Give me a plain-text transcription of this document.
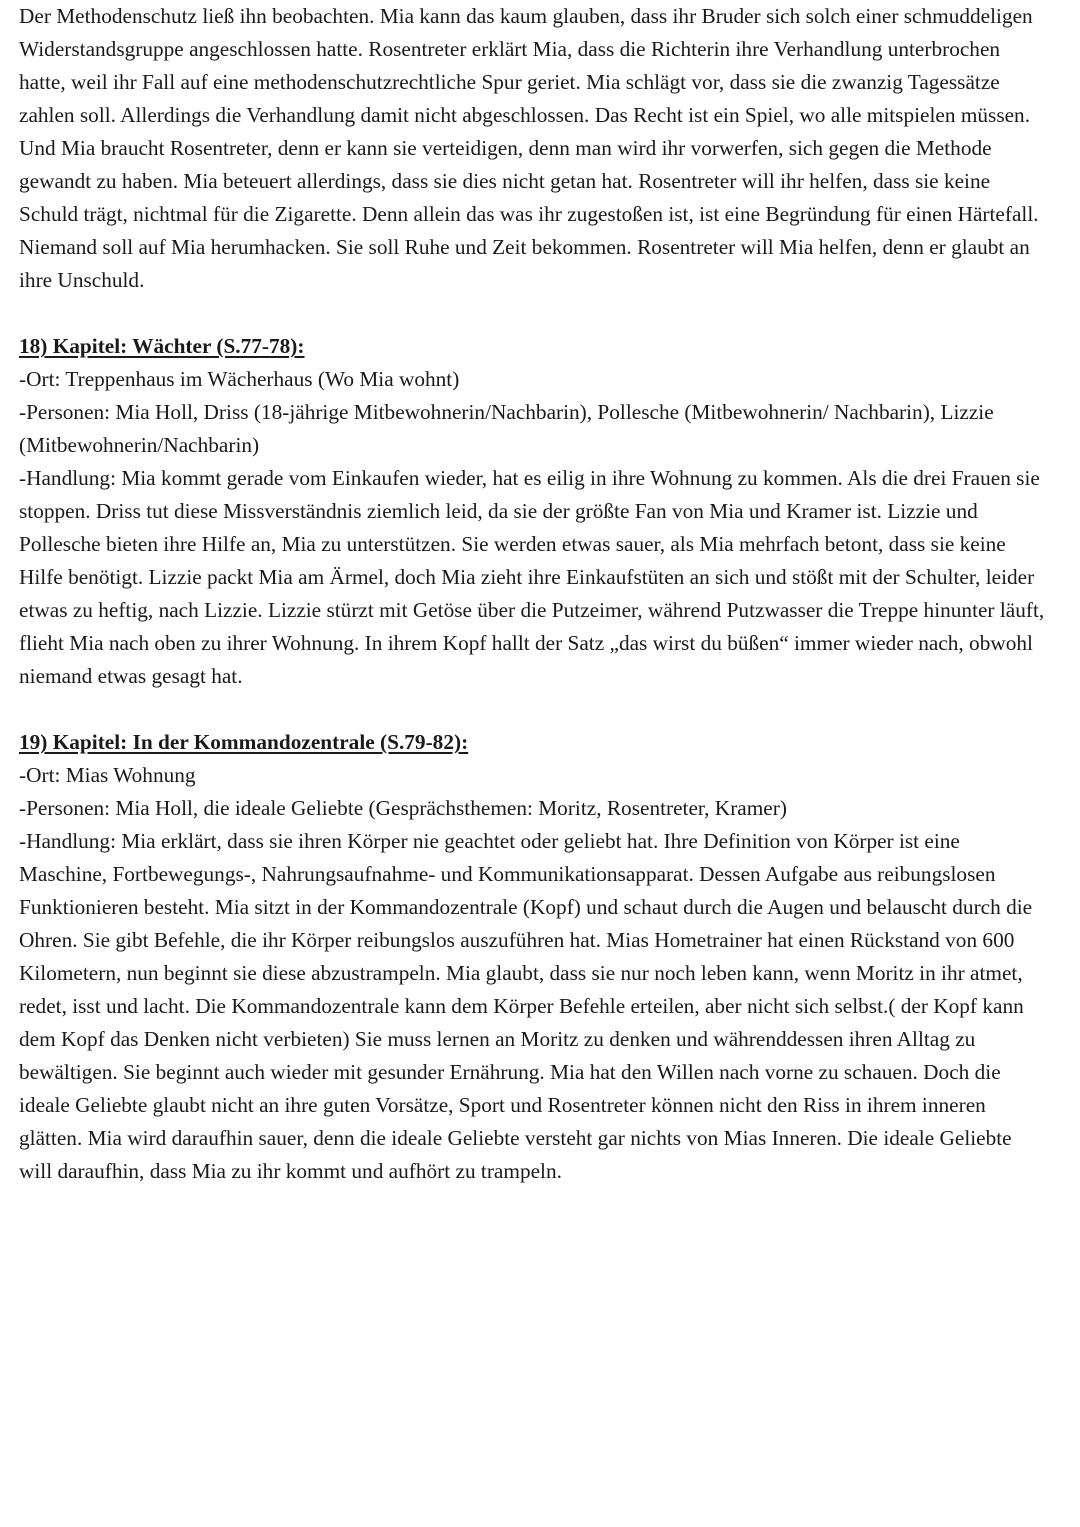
Der Methodenschutz ließ ihn beobachten. Mia kann das kaum glauben, dass ihr Bruder sich solch einer schmuddeligen Widerstandsgruppe angeschlossen hatte. Rosentreter erklärt Mia, dass die Richterin ihre Verhandlung unterbrochen hatte, weil ihr Fall auf eine methodenschutzrechtliche Spur geriet. Mia schlägt vor, dass sie die zwanzig Tagessätze zahlen soll. Allerdings die Verhandlung damit nicht abgeschlossen. Das Recht ist ein Spiel, wo alle mitspielen müssen. Und Mia braucht Rosentreter, denn er kann sie verteidigen, denn man wird ihr vorwerfen, sich gegen die Methode gewandt zu haben. Mia beteuert allerdings, dass sie dies nicht getan hat. Rosentreter will ihr helfen, dass sie keine Schuld trägt, nichtmal für die Zigarette. Denn allein das was ihr zugestoßen ist, ist eine Begründung für einen Härtefall. Niemand soll auf Mia herumhacken. Sie soll Ruhe und Zeit bekommen. Rosentreter will Mia helfen, denn er glaubt an ihre Unschuld.

18) Kapitel: Wächter (S.77-78):

-Ort: Treppenhaus im Wächerhaus (Wo Mia wohnt)

-Personen: Mia Holl, Driss (18-jährige Mitbewohnerin/Nachbarin), Pollesche (Mitbewohnerin/ Nachbarin), Lizzie (Mitbewohnerin/Nachbarin)

-Handlung: Mia kommt gerade vom Einkaufen wieder, hat es eilig in ihre Wohnung zu kommen. Als die drei Frauen sie stoppen. Driss tut diese Missverständnis ziemlich leid, da sie der größte Fan von Mia und Kramer ist. Lizzie und Pollesche bieten ihre Hilfe an, Mia zu unterstützen. Sie werden etwas sauer, als Mia mehrfach betont, dass sie keine Hilfe benötigt. Lizzie packt Mia am Ärmel, doch Mia zieht ihre Einkaufstüten an sich und stößt mit der Schulter, leider etwas zu heftig, nach Lizzie. Lizzie stürzt mit Getöse über die Putzeimer, während Putzwasser die Treppe hinunter läuft, flieht Mia nach oben zu ihrer Wohnung. In ihrem Kopf hallt der Satz „das wirst du büßen“ immer wieder nach, obwohl niemand etwas gesagt hat.

19) Kapitel: In der Kommandozentrale (S.79-82):

-Ort: Mias Wohnung

-Personen: Mia Holl, die ideale Geliebte (Gesprächsthemen: Moritz, Rosentreter, Kramer)

-Handlung: Mia erklärt, dass sie ihren Körper nie geachtet oder geliebt hat. Ihre Definition von Körper ist eine Maschine, Fortbewegungs-, Nahrungsaufnahme- und Kommunikationsapparat. Dessen Aufgabe aus reibungslosen Funktionieren besteht. Mia sitzt in der Kommandozentrale (Kopf) und schaut durch die Augen und belauscht durch die Ohren. Sie gibt Befehle, die ihr Körper reibungslos auszuführen hat. Mias Hometrainer hat einen Rückstand von 600 Kilometern, nun beginnt sie diese abzustrampeln. Mia glaubt, dass sie nur noch leben kann, wenn Moritz in ihr atmet, redet, isst und lacht. Die Kommandozentrale kann dem Körper Befehle erteilen, aber nicht sich selbst.( der Kopf kann dem Kopf das Denken nicht verbieten) Sie muss lernen an Moritz zu denken und währenddessen ihren Alltag zu bewältigen. Sie beginnt auch wieder mit gesunder Ernährung. Mia hat den Willen nach vorne zu schauen. Doch die ideale Geliebte glaubt nicht an ihre guten Vorsätze, Sport und Rosentreter können nicht den Riss in ihrem inneren glätten. Mia wird daraufhin sauer, denn die ideale Geliebte versteht gar nichts von Mias Inneren. Die ideale Geliebte will daraufhin, dass Mia zu ihr kommt und aufhört zu trampeln.
